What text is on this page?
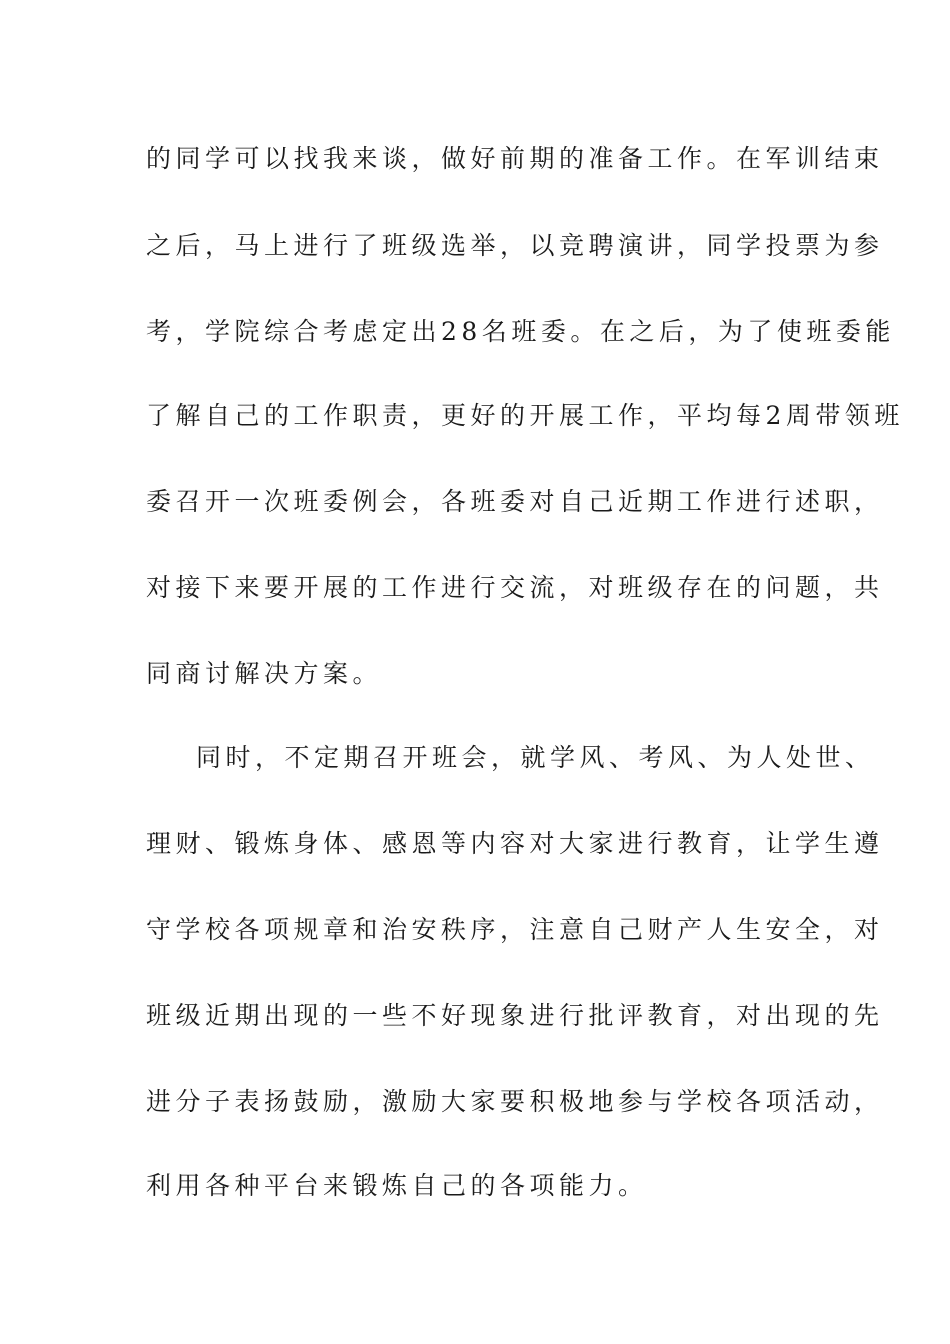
的同学可以找我来谈，做好前期的准备工作。在军训结束
之后，马上进行了班级选举，以竞聘演讲，同学投票为参
考，学院综合考虑定出28名班委。在之后，为了使班委能
了解自己的工作职责，更好的开展工作，平均每2周带领班
委召开一次班委例会，各班委对自己近期工作进行述职，
对接下来要开展的工作进行交流，对班级存在的问题，共
同商讨解决方案。
同时，不定期召开班会，就学风、考风、为人处世、
理财、锻炼身体、感恩等内容对大家进行教育，让学生遵
守学校各项规章和治安秩序，注意自己财产人生安全，对
班级近期出现的一些不好现象进行批评教育，对出现的先
进分子表扬鼓励，激励大家要积极地参与学校各项活动，
利用各种平台来锻炼自己的各项能力。
